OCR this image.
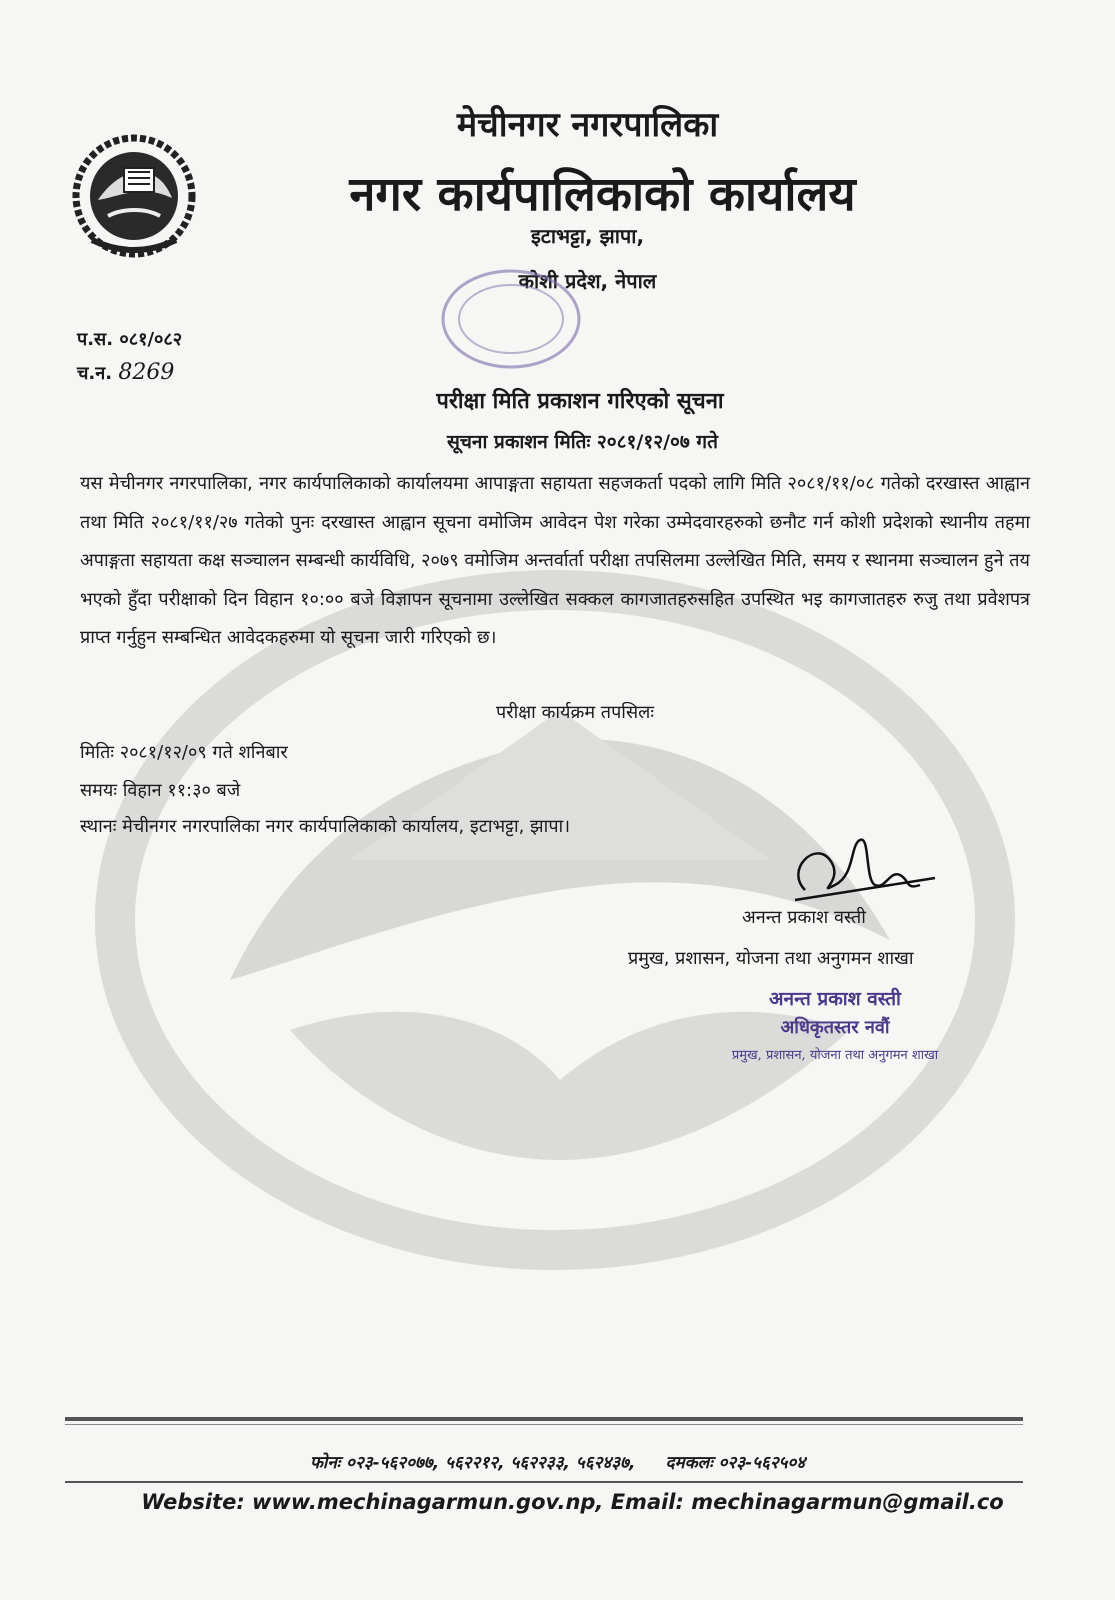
मेचीनगर नगरपालिका
नगर कार्यपालिकाको कार्यालय
इटाभट्टा, झापा,
कोशी प्रदेश, नेपाल
प.स. ०८१/०८२
च.न. 8269
परीक्षा मिति प्रकाशन गरिएको सूचना
सूचना प्रकाशन मितिः २०८१/१२/०७ गते
यस मेचीनगर नगरपालिका, नगर कार्यपालिकाको कार्यालयमा आपाङ्गता सहायता सहजकर्ता पदको लागि मिति २०८१/११/०८ गतेको दरखास्त आह्वान तथा मिति २०८१/११/२७ गतेको पुनः दरखास्त आह्वान सूचना वमोजिम आवेदन पेश गरेका उम्मेदवारहरुको छनौट गर्न कोशी प्रदेशको स्थानीय तहमा अपाङ्गता सहायता कक्ष सञ्चालन सम्बन्धी कार्यविधि, २०७९ वमोजिम अन्तर्वार्ता परीक्षा तपसिलमा उल्लेखित मिति, समय र स्थानमा सञ्चालन हुने तय भएको हुँदा परीक्षाको दिन विहान १०:०० बजे विज्ञापन सूचनामा उल्लेखित सक्कल कागजातहरुसहित उपस्थित भइ कागजातहरु रुजु तथा प्रवेशपत्र प्राप्त गर्नुहुन सम्बन्धित आवेदकहरुमा यो सूचना जारी गरिएको छ।
परीक्षा कार्यक्रम तपसिलः
मितिः २०८१/१२/०९ गते शनिबार
समयः विहान ११:३० बजे
स्थानः मेचीनगर नगरपालिका नगर कार्यपालिकाको कार्यालय, इटाभट्टा, झापा।
अनन्त प्रकाश वस्ती
प्रमुख, प्रशासन, योजना तथा अनुगमन शाखा
अनन्त प्रकाश वस्ती
अधिकृतस्तर नवौं
प्रमुख, प्रशासन, योजना तथा अनुगमन शाखा
फोनः ०२३-५६२०७७, ५६२२१२, ५६२२३३, ५६२४३७, दमकलः ०२३-५६२५०४
Website: www.mechinagarmun.gov.np, Email: mechinagarmun@gmail.co
